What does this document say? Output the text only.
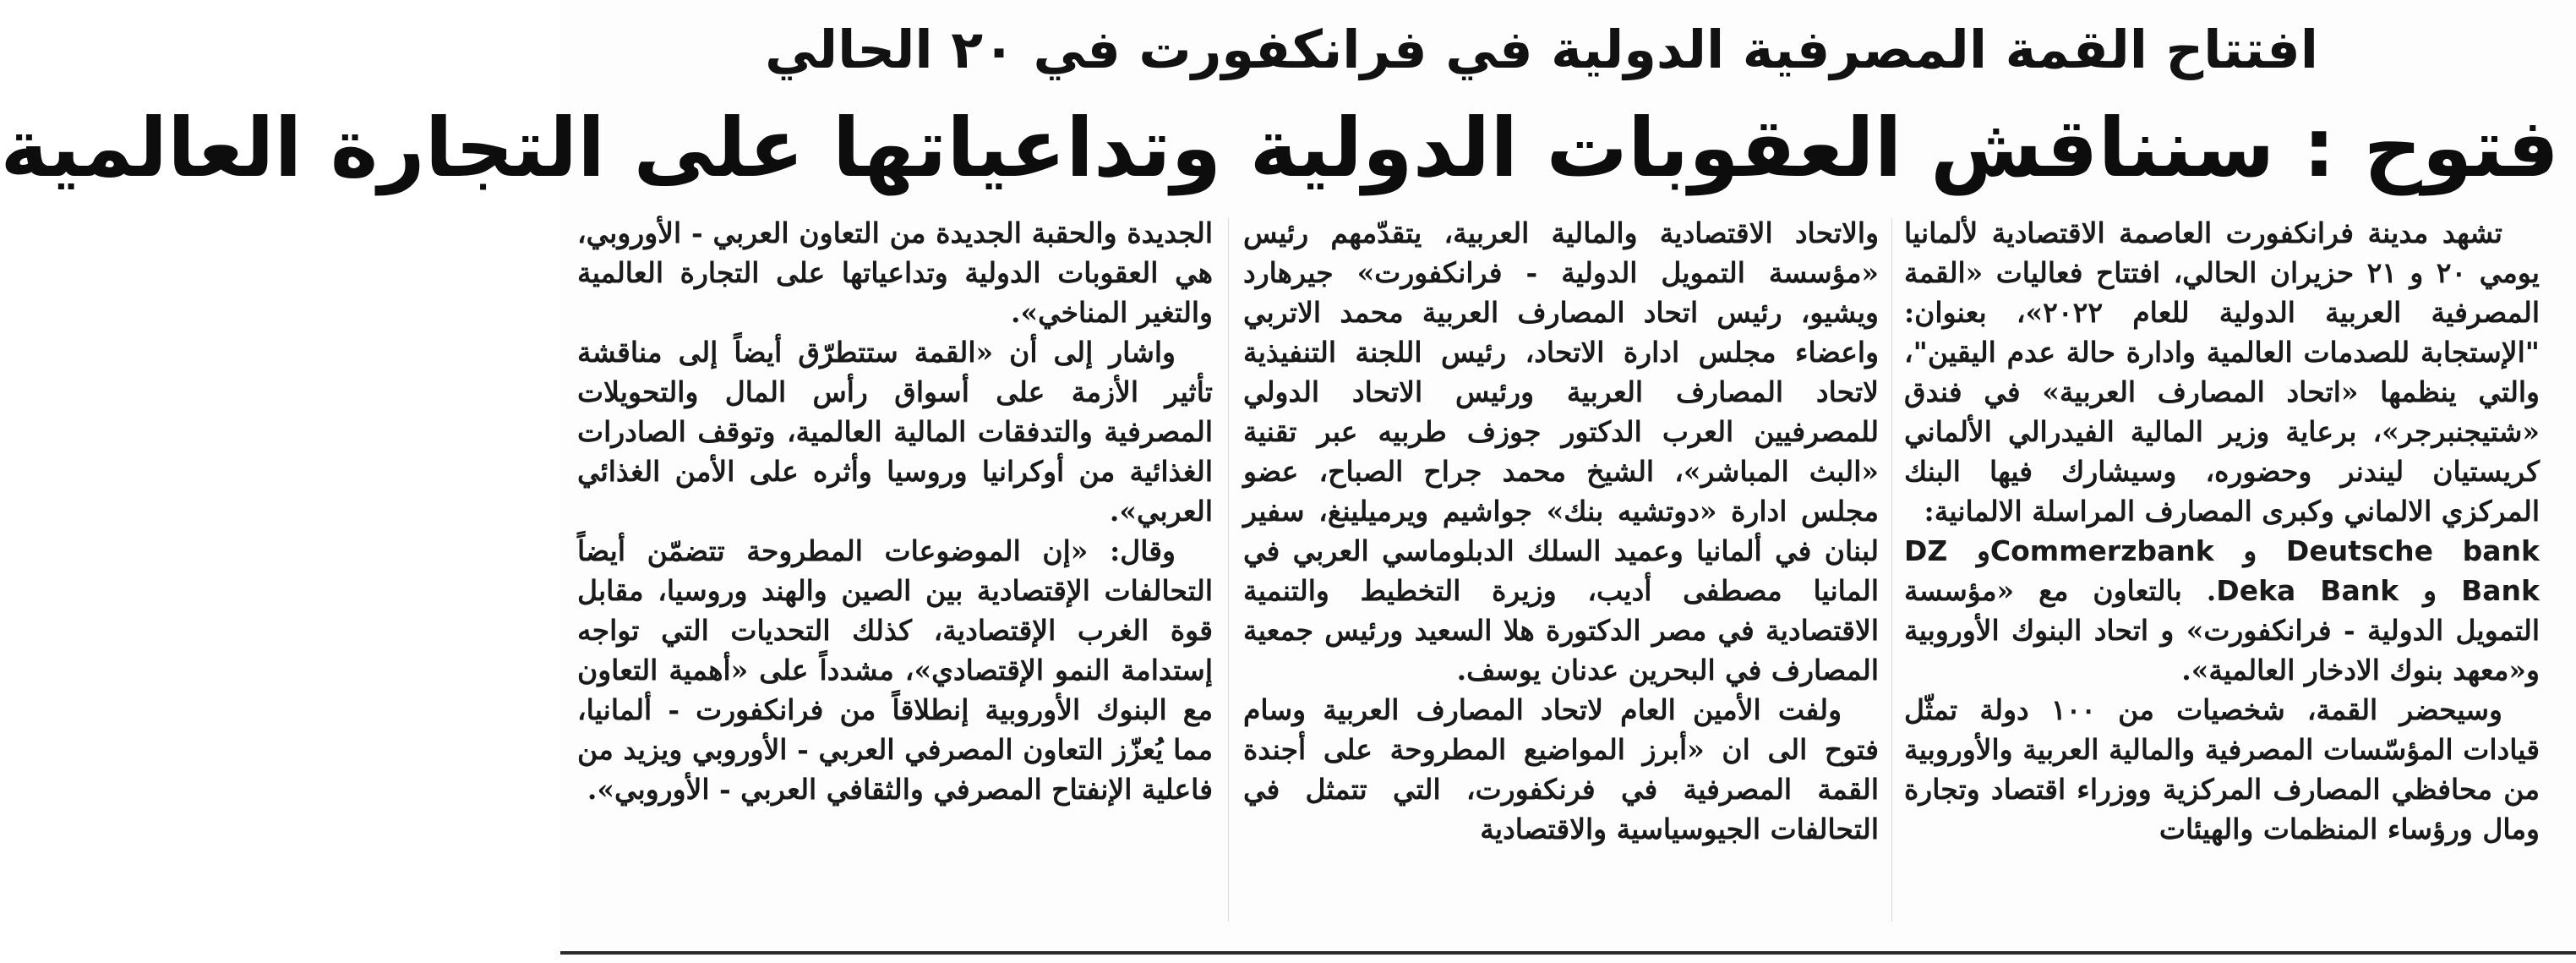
افتتاح القمة المصرفية الدولية في فرانكفورت في ٢٠ الحالي
فتوح : سنناقش العقوبات الدولية وتداعياتها على التجارة العالمية

تشهد مدينة فرانكفورت العاصمة الاقتصادية لألمانيا يومي ٢٠ و ٢١ حزيران الحالي، افتتاح فعاليات «القمة المصرفية العربية الدولية للعام ٢٠٢٢»، بعنوان: "الإستجابة للصدمات العالمية وادارة حالة عدم اليقين"، والتي ينظمها «اتحاد المصارف العربية» في فندق «شتيجنبرجر»، برعاية وزير المالية الفيدرالي الألماني كريستيان ليندنر وحضوره، وسيشارك فيها البنك المركزي الالماني وكبرى المصارف المراسلة الالمانية:
Deutsche bank و Commerzbankو DZ Bank و Deka Bank. بالتعاون مع «مؤسسة التمويل الدولية - فرانكفورت» و اتحاد البنوك الأوروبية و«معهد بنوك الادخار العالمية».

وسيحضر القمة، شخصيات من ١٠٠ دولة تمثّل قيادات المؤسّسات المصرفية والمالية العربية والأوروبية من محافظي المصارف المركزية ووزراء اقتصاد وتجارة ومال ورؤساء المنظمات والهيئات

والاتحاد الاقتصادية والمالية العربية، يتقدّمهم رئيس «مؤسسة التمويل الدولية - فرانكفورت» جيرهارد ويشيو، رئيس اتحاد المصارف العربية محمد الاتربي واعضاء مجلس ادارة الاتحاد، رئيس اللجنة التنفيذية لاتحاد المصارف العربية ورئيس الاتحاد الدولي للمصرفيين العرب الدكتور جوزف طربيه عبر تقنية «البث المباشر»، الشيخ محمد جراح الصباح، عضو مجلس ادارة «دوتشيه بنك» جواشيم ويرميلينغ، سفير لبنان في ألمانيا وعميد السلك الدبلوماسي العربي في المانيا مصطفى أديب، وزيرة التخطيط والتنمية الاقتصادية في مصر الدكتورة هلا السعيد ورئيس جمعية المصارف في البحرين عدنان يوسف.

ولفت الأمين العام لاتحاد المصارف العربية وسام فتوح الى ان «أبرز المواضيع المطروحة على أجندة القمة المصرفية في فرنكفورت، التي تتمثل في التحالفات الجيوسياسية والاقتصادية

الجديدة والحقبة الجديدة من التعاون العربي - الأوروبي، هي العقوبات الدولية وتداعياتها على التجارة العالمية والتغير المناخي».

واشار إلى أن «القمة ستتطرّق أيضاً إلى مناقشة تأثير الأزمة على أسواق رأس المال والتحويلات المصرفية والتدفقات المالية العالمية، وتوقف الصادرات الغذائية من أوكرانيا وروسيا وأثره على الأمن الغذائي العربي».

وقال: «إن الموضوعات المطروحة تتضمّن أيضاً التحالفات الإقتصادية بين الصين والهند وروسيا، مقابل قوة الغرب الإقتصادية، كذلك التحديات التي تواجه إستدامة النمو الإقتصادي»، مشدداً على «أهمية التعاون مع البنوك الأوروبية إنطلاقاً من فرانكفورت - ألمانيا، مما يُعزّز التعاون المصرفي العربي - الأوروبي ويزيد من فاعلية الإنفتاح المصرفي والثقافي العربي - الأوروبي».
